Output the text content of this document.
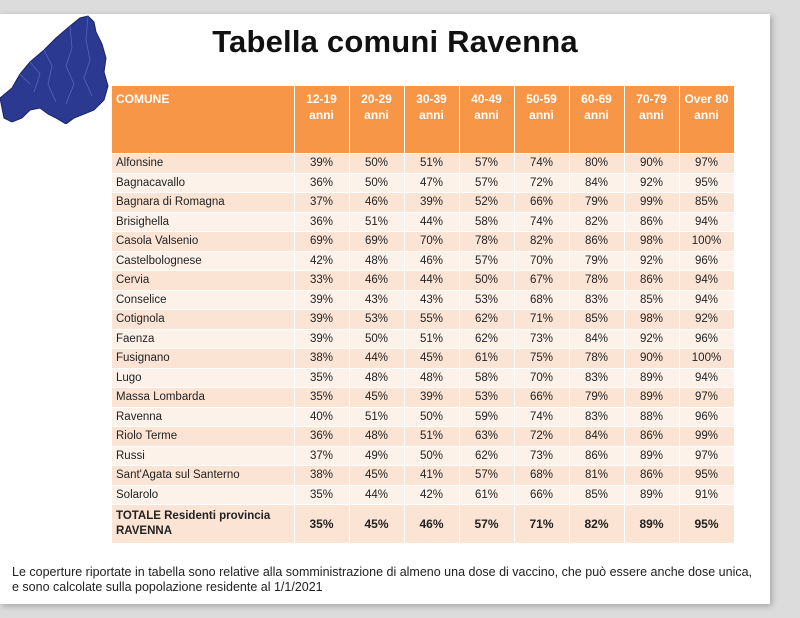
Tabella comuni Ravenna
COMUNE	12-19 anni	20-29 anni	30-39 anni	40-49 anni	50-59 anni	60-69 anni	70-79 anni	Over 80 anni
Alfonsine	39%	50%	51%	57%	74%	80%	90%	97%
Bagnacavallo	36%	50%	47%	57%	72%	84%	92%	95%
Bagnara di Romagna	37%	46%	39%	52%	66%	79%	99%	85%
Brisighella	36%	51%	44%	58%	74%	82%	86%	94%
Casola Valsenio	69%	69%	70%	78%	82%	86%	98%	100%
Castelbolognese	42%	48%	46%	57%	70%	79%	92%	96%
Cervia	33%	46%	44%	50%	67%	78%	86%	94%
Conselice	39%	43%	43%	53%	68%	83%	85%	94%
Cotignola	39%	53%	55%	62%	71%	85%	98%	92%
Faenza	39%	50%	51%	62%	73%	84%	92%	96%
Fusignano	38%	44%	45%	61%	75%	78%	90%	100%
Lugo	35%	48%	48%	58%	70%	83%	89%	94%
Massa Lombarda	35%	45%	39%	53%	66%	79%	89%	97%
Ravenna	40%	51%	50%	59%	74%	83%	88%	96%
Riolo Terme	36%	48%	51%	63%	72%	84%	86%	99%
Russi	37%	49%	50%	62%	73%	86%	89%	97%
Sant'Agata sul Santerno	38%	45%	41%	57%	68%	81%	86%	95%
Solarolo	35%	44%	42%	61%	66%	85%	89%	91%
TOTALE Residenti provincia RAVENNA	35%	45%	46%	57%	71%	82%	89%	95%
Le coperture riportate in tabella sono relative alla somministrazione di almeno una dose di vaccino, che può essere anche dose unica, e sono calcolate sulla popolazione residente al 1/1/2021
